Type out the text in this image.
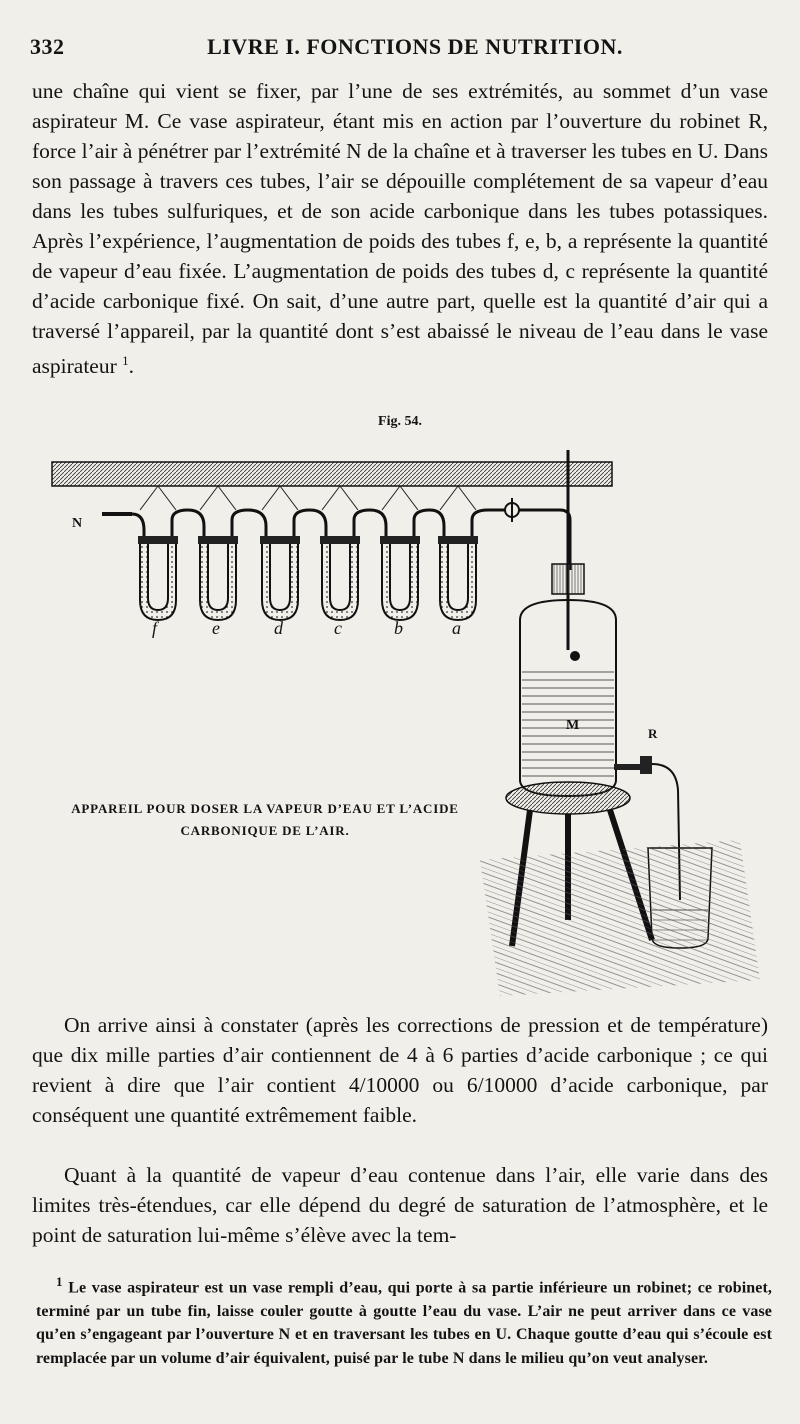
332	LIVRE I. FONCTIONS DE NUTRITION.

une chaîne qui vient se fixer, par l’une de ses extrémités, au sommet d’un vase aspirateur M. Ce vase aspirateur, étant mis en action par l’ouverture du robinet R, force l’air à pénétrer par l’extrémité N de la chaîne et à traverser les tubes en U. Dans son passage à travers ces tubes, l’air se dépouille complétement de sa vapeur d’eau dans les tubes sulfuriques, et de son acide carbonique dans les tubes potassiques. Après l’expérience, l’augmentation de poids des tubes f, e, b, a représente la quantité de vapeur d’eau fixée. L’augmentation de poids des tubes d, c représente la quantité d’acide carbonique fixé. On sait, d’une autre part, quelle est la quantité d’air qui a traversé l’appareil, par la quantité dont s’est abaissé le niveau de l’eau dans le vase aspirateur $^1$.

Fig. 54.
N
f	e	d	c	b	a
M
R
APPAREIL POUR DOSER LA VAPEUR D’EAU ET L’ACIDE CARBONIQUE DE L’AIR.

On arrive ainsi à constater (après les corrections de pression et de température) que dix mille parties d’air contiennent de 4 à 6 parties d’acide carbonique ; ce qui revient à dire que l’air contient 4/10000 ou 6/10000 d’acide carbonique, par conséquent une quantité extrêmement faible.

Quant à la quantité de vapeur d’eau contenue dans l’air, elle varie dans des limites très-étendues, car elle dépend du degré de saturation de l’atmosphère, et le point de saturation lui-même s’élève avec la tem-

$^1$ Le vase aspirateur est un vase rempli d’eau, qui porte à sa partie inférieure un robinet; ce robinet, terminé par un tube fin, laisse couler goutte à goutte l’eau du vase. L’air ne peut arriver dans ce vase qu’en s’engageant par l’ouverture N et en traversant les tubes en U. Chaque goutte d’eau qui s’écoule est remplacée par un volume d’air équivalent, puisé par le tube N dans le milieu qu’on veut analyser.
